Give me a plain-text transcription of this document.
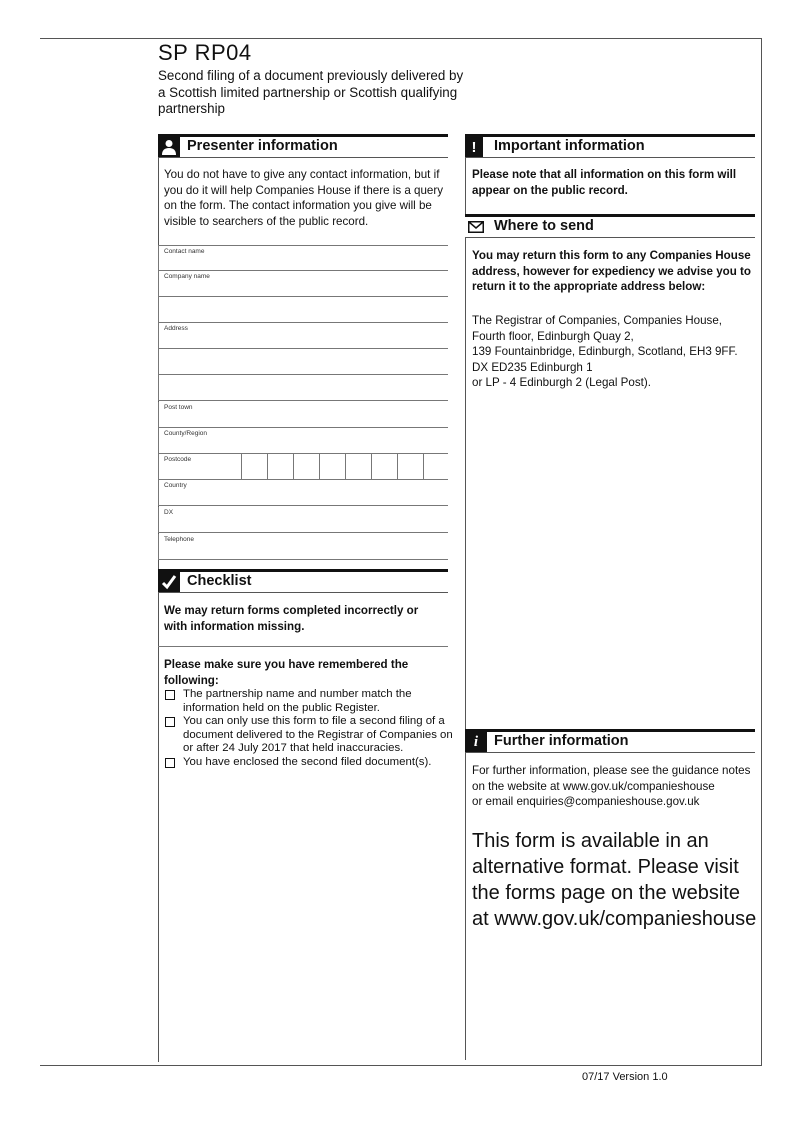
SP RP04
Second filing of a document previously delivered by a Scottish limited partnership or Scottish qualifying partnership
Presenter information
You do not have to give any contact information, but if you do it will help Companies House if there is a query on the form. The contact information you give will be visible to searchers of the public record.
Contact name
Company name
Address
Post town
County/Region
Postcode
Country
DX
Telephone
Checklist
We may return forms completed incorrectly or with information missing.
Please make sure you have remembered the following:
The partnership name and number match the information held on the public Register.
You can only use this form to file a second filing of a document delivered to the Registrar of Companies on or after 24 July 2017 that held inaccuracies.
You have enclosed the second filed document(s).
!	Important information
Please note that all information on this form will appear on the public record.
Where to send
You may return this form to any Companies House address, however for expediency we advise you to return it to the appropriate address below:
The Registrar of Companies, Companies House,
Fourth floor, Edinburgh Quay 2,
139 Fountainbridge, Edinburgh, Scotland, EH3 9FF.
DX ED235 Edinburgh 1
or LP - 4 Edinburgh 2 (Legal Post).
i	Further information
For further information, please see the guidance notes
on the website at www.gov.uk/companieshouse
or email enquiries@companieshouse.gov.uk
This form is available in an alternative format. Please visit the forms page on the website at www.gov.uk/companieshouse
07/17 Version 1.0
